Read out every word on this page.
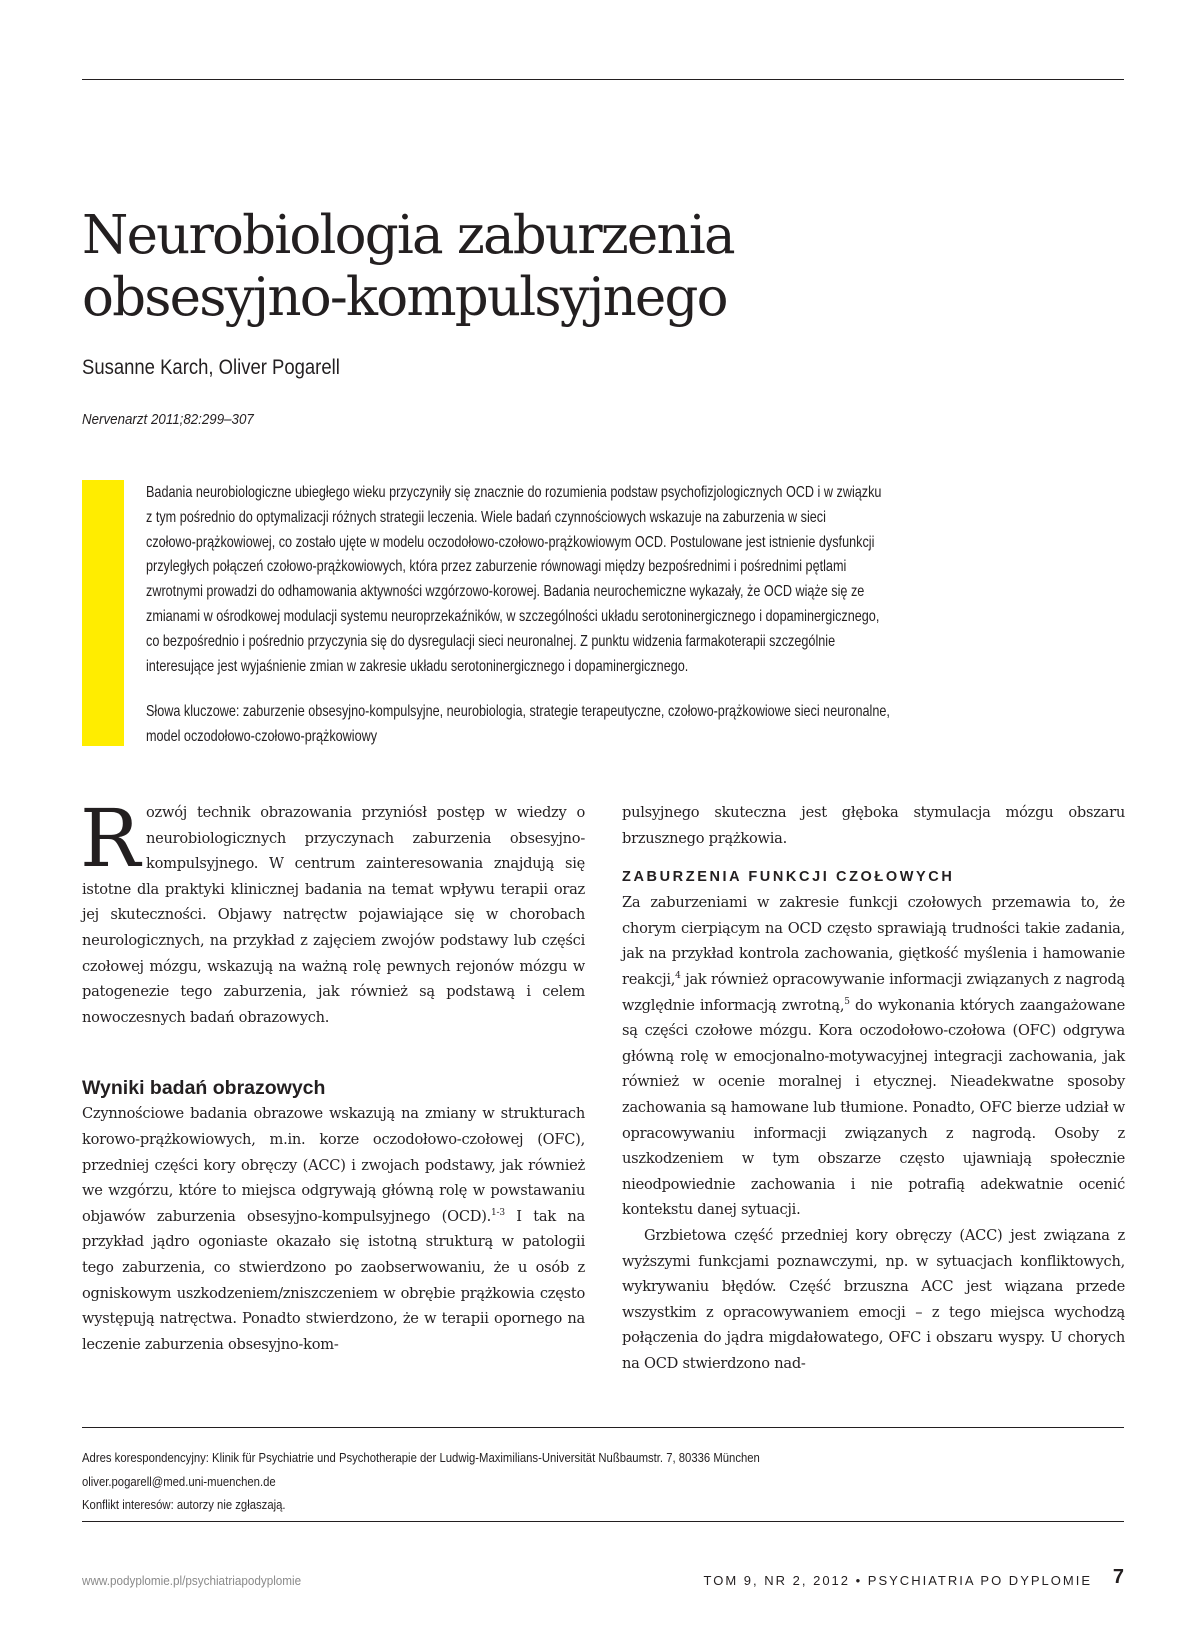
Neurobiologia zaburzenia
obsesyjno-kompulsyjnego
Susanne Karch, Oliver Pogarell
Nervenarzt 2011;82:299–307

Badania neurobiologiczne ubiegłego wieku przyczyniły się znacznie do rozumienia podstaw psychofizjologicznych OCD i w związku

z tym pośrednio do optymalizacji różnych strategii leczenia. Wiele badań czynnościowych wskazuje na zaburzenia w sieci

czołowo-prążkowiowej, co zostało ujęte w modelu oczodołowo-czołowo-prążkowiowym OCD. Postulowane jest istnienie dysfunkcji

przyległych połączeń czołowo-prążkowiowych, która przez zaburzenie równowagi między bezpośrednimi i pośrednimi pętlami

zwrotnymi prowadzi do odhamowania aktywności wzgórzowo-korowej. Badania neurochemiczne wykazały, że OCD wiąże się ze

zmianami w ośrodkowej modulacji systemu neuroprzekaźników, w szczególności układu serotoninergicznego i dopaminergicznego,

co bezpośrednio i pośrednio przyczynia się do dysregulacji sieci neuronalnej. Z punktu widzenia farmakoterapii szczególnie

interesujące jest wyjaśnienie zmian w zakresie układu serotoninergicznego i dopaminergicznego.

Słowa kluczowe: zaburzenie obsesyjno-kompulsyjne, neurobiologia, strategie terapeutyczne, czołowo-prążkowiowe sieci neuronalne,

model oczodołowo-czołowo-prążkowiowy

Rozwój technik obrazowania przyniósł postęp w wiedzy o neurobiologicznych przyczynach zaburzenia obsesyjno-kompulsyjnego. W centrum zainteresowania znajdują się istotne dla praktyki klinicznej badania na temat wpływu terapii oraz jej skuteczności. Objawy natręctw pojawiające się w chorobach neurologicznych, na przykład z zajęciem zwojów podstawy lub części czołowej mózgu, wskazują na ważną rolę pewnych rejonów mózgu w patogenezie tego zaburzenia, jak również są podstawą i celem nowoczesnych badań obrazowych.

Wyniki badań obrazowych

Czynnościowe badania obrazowe wskazują na zmiany w strukturach korowo-prążkowiowych, m.in. korze oczodołowo-czołowej (OFC), przedniej części kory obręczy (ACC) i zwojach podstawy, jak również we wzgórzu, które to miejsca odgrywają główną rolę w powstawaniu objawów zaburzenia obsesyjno-kompulsyjnego (OCD).$^{1-3}$ I tak na przykład jądro ogoniaste okazało się istotną strukturą w patologii tego zaburzenia, co stwierdzono po zaobserwowaniu, że u osób z ogniskowym uszkodzeniem/zniszczeniem w obrębie prążkowia często występują natręctwa. Ponadto stwierdzono, że w terapii opornego na leczenie zaburzenia obsesyjno-kom-

pulsyjnego skuteczna jest głęboka stymulacja mózgu obszaru brzusznego prążkowia.

ZABURZENIA FUNKCJI CZOŁOWYCH

Za zaburzeniami w zakresie funkcji czołowych przemawia to, że chorym cierpiącym na OCD często sprawiają trudności takie zadania, jak na przykład kontrola zachowania, giętkość myślenia i hamowanie reakcji,$^4$ jak również opracowywanie informacji związanych z nagrodą względnie informacją zwrotną,$^5$ do wykonania których zaangażowane są części czołowe mózgu. Kora oczodołowo-czołowa (OFC) odgrywa główną rolę w emocjonalno-motywacyjnej integracji zachowania, jak również w ocenie moralnej i etycznej. Nieadekwatne sposoby zachowania są hamowane lub tłumione. Ponadto, OFC bierze udział w opracowywaniu informacji związanych z nagrodą. Osoby z uszkodzeniem w tym obszarze często ujawniają społecznie nieodpowiednie zachowania i nie potrafią adekwatnie ocenić kontekstu danej sytuacji.

Grzbietowa część przedniej kory obręczy (ACC) jest związana z wyższymi funkcjami poznawczymi, np. w sytuacjach konfliktowych, wykrywaniu błędów. Część brzuszna ACC jest wiązana przede wszystkim z opracowywaniem emocji – z tego miejsca wychodzą połączenia do jądra migdałowatego, OFC i obszaru wyspy. U chorych na OCD stwierdzono nad-

Adres korespondencyjny: Klinik für Psychiatrie und Psychotherapie der Ludwig-Maximilians-Universität Nußbaumstr. 7, 80336 München
oliver.pogarell@med.uni-muenchen.de
Konflikt interesów: autorzy nie zgłaszają.
www.podyplomie.pl/psychiatriapodyplomie	TOM 9, NR 2, 2012 • PSYCHIATRIA PO DYPLOMIE 7
